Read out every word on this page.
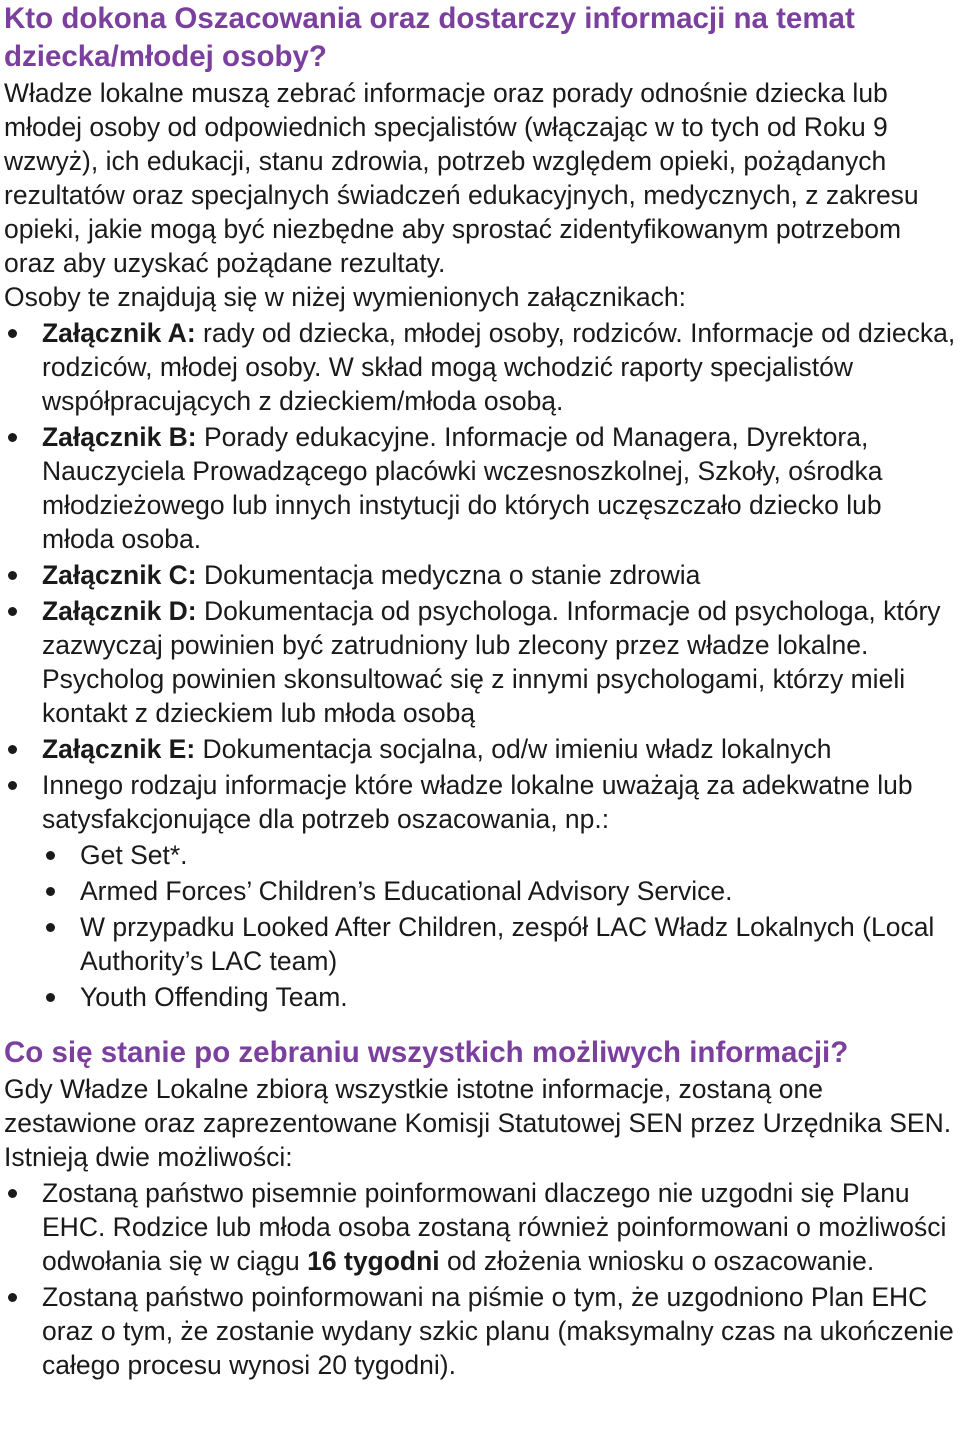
Kto dokona Oszacowania oraz dostarczy informacji na temat dziecka/młodej osoby?

Władze lokalne muszą zebrać informacje oraz porady odnośnie dziecka lub młodej osoby od odpowiednich specjalistów (włączając w to tych od Roku 9 wzwyż), ich edukacji, stanu zdrowia, potrzeb względem opieki, pożądanych rezultatów oraz specjalnych świadczeń edukacyjnych, medycznych, z zakresu opieki, jakie mogą być niezbędne aby sprostać zidentyfikowanym potrzebom oraz aby uzyskać pożądane rezultaty.

Osoby te znajdują się w niżej wymienionych załącznikach:

Załącznik A: rady od dziecka, młodej osoby, rodziców. Informacje od dziecka, rodziców, młodej osoby. W skład mogą wchodzić raporty specjalistów współpracujących z dzieckiem/młoda osobą.
Załącznik B: Porady edukacyjne. Informacje od Managera, Dyrektora, Nauczyciela Prowadzącego placówki wczesnoszkolnej, Szkoły, ośrodka młodzieżowego lub innych instytucji do których uczęszczało dziecko lub młoda osoba.
Załącznik C: Dokumentacja medyczna o stanie zdrowia
Załącznik D: Dokumentacja od psychologa. Informacje od psychologa, który zazwyczaj powinien być zatrudniony lub zlecony przez władze lokalne. Psycholog powinien skonsultować się z innymi psychologami, którzy mieli kontakt z dzieckiem lub młoda osobą
Załącznik E: Dokumentacja socjalna, od/w imieniu władz lokalnych
Innego rodzaju informacje które władze lokalne uważają za adekwatne lub satysfakcjonujące dla potrzeb oszacowania, np.:
Get Set*.
Armed Forces’ Children’s Educational Advisory Service.
W przypadku Looked After Children, zespół LAC Władz Lokalnych (Local Authority’s LAC team)
Youth Offending Team.
Co się stanie po zebraniu wszystkich możliwych informacji?

Gdy Władze Lokalne zbiorą wszystkie istotne informacje, zostaną one zestawione oraz zaprezentowane Komisji Statutowej SEN przez Urzędnika SEN. Istnieją dwie możliwości:

Zostaną państwo pisemnie poinformowani dlaczego nie uzgodni się Planu EHC. Rodzice lub młoda osoba zostaną również poinformowani o możliwości odwołania się w ciągu 16 tygodni od złożenia wniosku o oszacowanie.
Zostaną państwo poinformowani na piśmie o tym, że uzgodniono Plan EHC oraz o tym, że zostanie wydany szkic planu (maksymalny czas na ukończenie całego procesu wynosi 20 tygodni).
